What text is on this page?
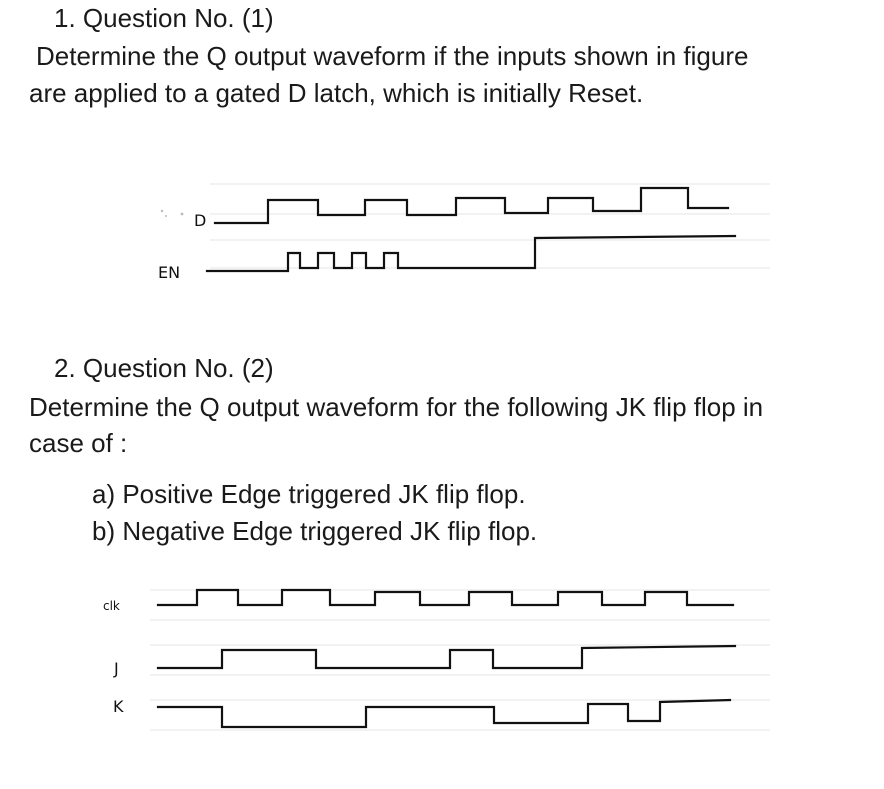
1. Question No. (1)

Determine the Q output waveform if the inputs shown in figure

are applied to a gated D latch, which is initially Reset.

D
EN

2. Question No. (2)

Determine the Q output waveform for the following JK flip flop in

case of :

a) Positive Edge triggered JK flip flop.

b) Negative Edge triggered JK flip flop.

clk
J
K
